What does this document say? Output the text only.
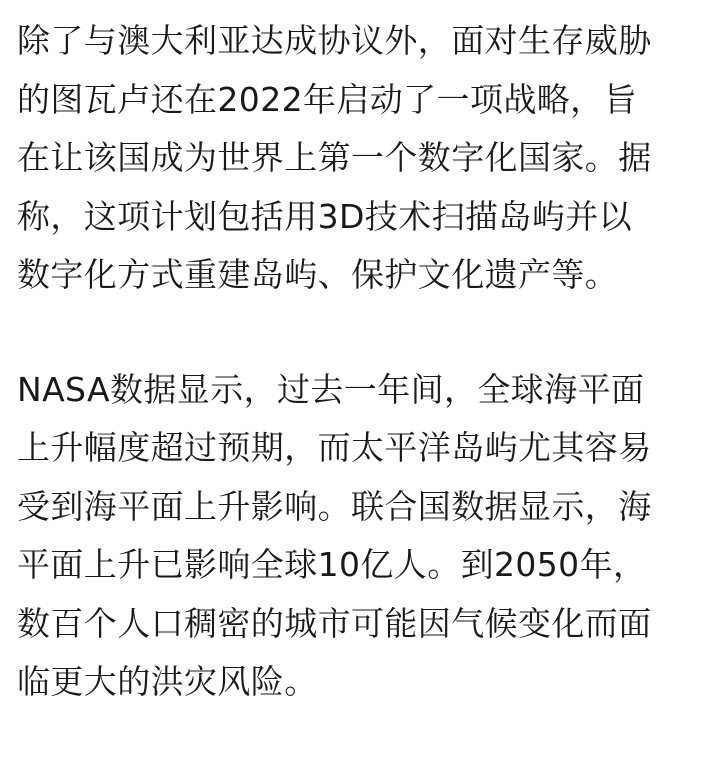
除了与澳大利亚达成协议外，面对生存威胁
的图瓦卢还在2022年启动了一项战略，旨
在让该国成为世界上第一个数字化国家。据
称，这项计划包括用3D技术扫描岛屿并以
数字化方式重建岛屿、保护文化遗产等。
NASA数据显示，过去一年间，全球海平面
上升幅度超过预期，而太平洋岛屿尤其容易
受到海平面上升影响。联合国数据显示，海
平面上升已影响全球10亿人。到2050年，
数百个人口稠密的城市可能因气候变化而面
临更大的洪灾风险。
